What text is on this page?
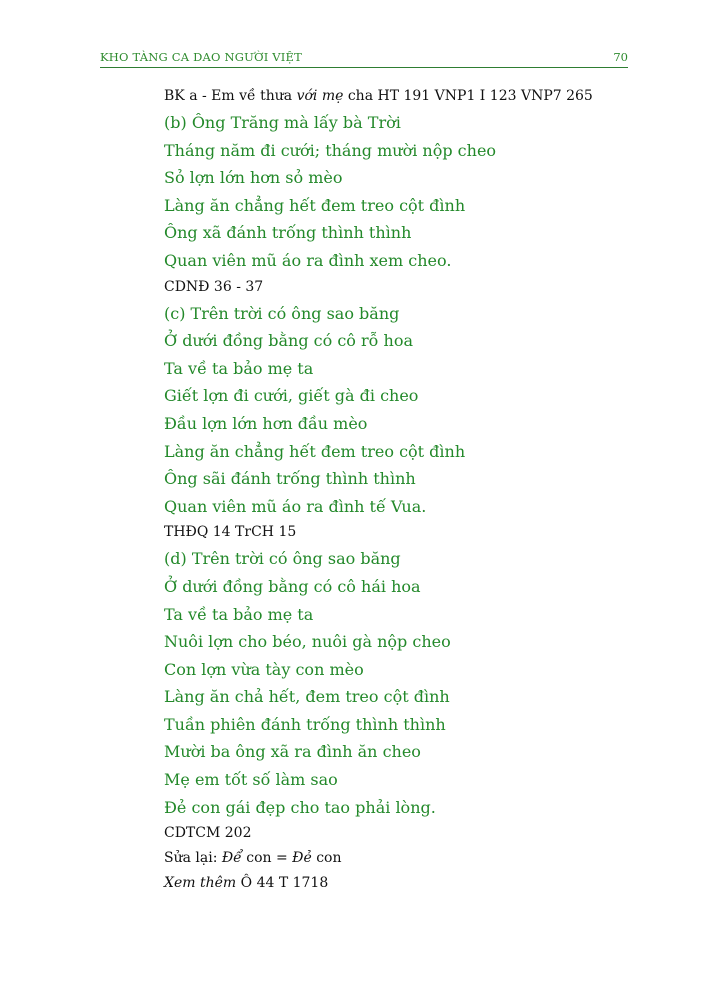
KHO TÀNG CA DAO NGƯỜI VIỆT	70
BK a - Em về thưa với mẹ cha HT 191 VNP1 I 123 VNP7 265
(b) Ông Trăng mà lấy bà Trời
Tháng năm đi cưới; tháng mười nộp cheo
Sỏ lợn lớn hơn sỏ mèo
Làng ăn chẳng hết đem treo cột đình
Ông xã đánh trống thình thình
Quan viên mũ áo ra đình xem cheo.
CDNĐ 36 - 37
(c) Trên trời có ông sao băng
Ở dưới đồng bằng có cô rỗ hoa
Ta về ta bảo mẹ ta
Giết lợn đi cưới, giết gà đi cheo
Đầu lợn lớn hơn đầu mèo
Làng ăn chẳng hết đem treo cột đình
Ông sãi đánh trống thình thình
Quan viên mũ áo ra đình tế Vua.
THĐQ 14 TrCH 15
(d) Trên trời có ông sao băng
Ở dưới đồng bằng có cô hái hoa
Ta về ta bảo mẹ ta
Nuôi lợn cho béo, nuôi gà nộp cheo
Con lợn vừa tày con mèo
Làng ăn chả hết, đem treo cột đình
Tuần phiên đánh trống thình thình
Mười ba ông xã ra đình ăn cheo
Mẹ em tốt số làm sao
Đẻ con gái đẹp cho tao phải lòng.
CDTCM 202
Sửa lại: Để con = Đẻ con
Xem thêm Ô 44 T 1718
